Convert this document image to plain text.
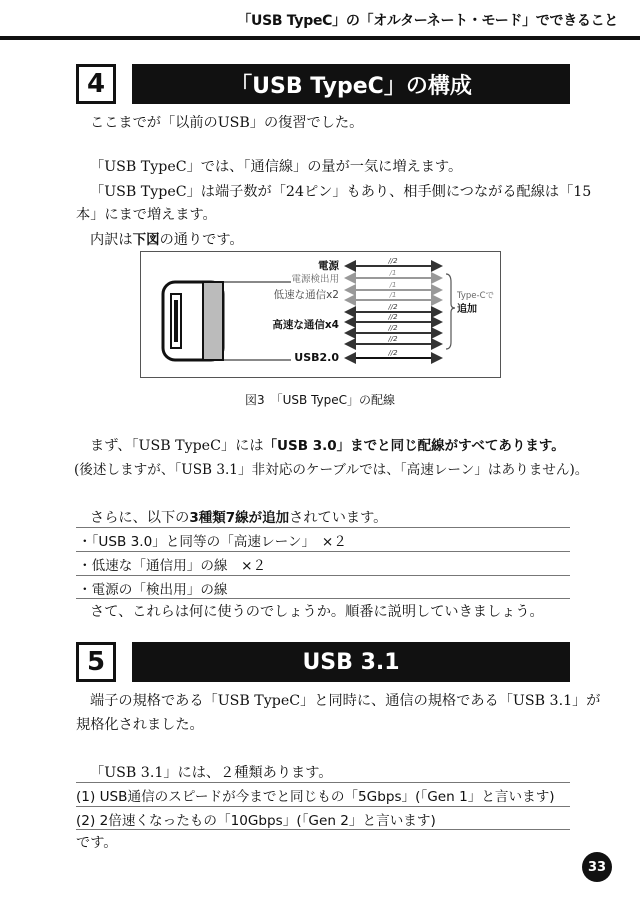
「USB TypeC」の「オルターネート・モード」でできること
4	「USB TypeC」の構成
ここまでが「以前のUSB」の復習でした。
「USB TypeC」では、「通信線」の量が一気に増えます。
「USB TypeC」は端子数が「24ピン」もあり、相手側につながる配線は「15
本」にまで増えます。
内訳は下図の通りです。
電源
電源検出用
低速な通信x2
高速な通信x4
USB2.0
//2
/1
/1
/1
//2
//2
//2
//2
//2
Type-Cで
追加
図3　「USB TypeC」の配線
まず、「USB TypeC」には「USB 3.0」までと同じ配線がすべてあります。
(後述しますが、「USB 3.1」非対応のケーブルでは、「高速レーン」はありません)。
さらに、以下の3種類7線が追加されています。
・「USB 3.0」と同等の「高速レーン」　×２
・低速な「通信用」の線　×２
・電源の「検出用」の線
さて、これらは何に使うのでしょうか。順番に説明していきましょう。
5	USB 3.1
端子の規格である「USB TypeC」と同時に、通信の規格である「USB 3.1」が
規格化されました。
「USB 3.1」には、２種類あります。
(1) USB通信のスピードが今までと同じもの「5Gbps」(「Gen 1」と言います)
(2) 2倍速くなったもの「10Gbps」(「Gen 2」と言います)
です。
33
